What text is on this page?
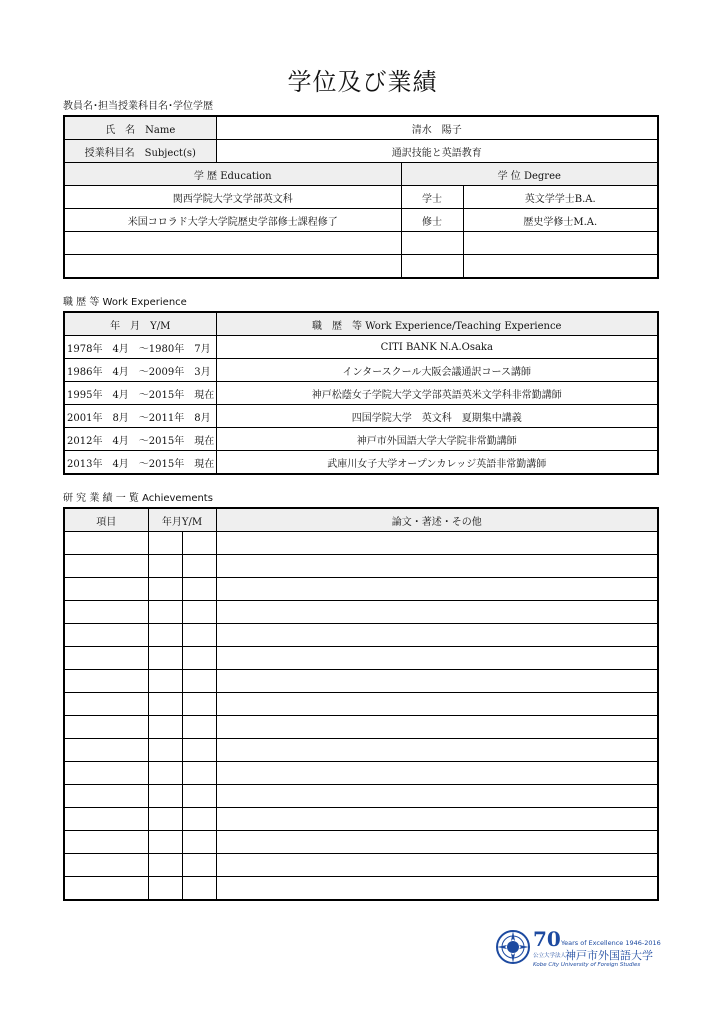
学位及び業績
教員名･担当授業科目名･学位学歴
氏　名　Name	清水　陽子		
授業科目名　Subject(s)	通訳技能と英語教育		
学 歴 Education		学 位 Degree	
関西学院大学文学部英文科		学士	英文学学士B.A.
米国コロラド大学大学院歴史学部修士課程修了		修士	歴史学修士M.A.

職 歴 等 Work Experience
年　月　Y/M	職　歴　等 Work Experience/Teaching Experience
1978年　4月　～1980年　7月	CITI BANK N.A.Osaka
1986年　4月　～2009年　3月	インタースクール大阪会議通訳コース講師
1995年　4月　～2015年　現在	神戸松蔭女子学院大学文学部英語英米文学科非常勤講師
2001年　8月　～2011年　8月	四国学院大学　英文科　夏期集中講義
2012年　4月　～2015年　現在	神戸市外国語大学大学院非常勤講師
2013年　4月　～2015年　現在	武庫川女子大学オープンカレッジ英語非常勤講師
研 究 業 績 一 覧 Achievements
項目	年月Y/M		論文・著述・その他

70 Years of Excellence 1946-2016
公立大学法人
神戸市外国語大学
Kobe City University of Foreign Studies
